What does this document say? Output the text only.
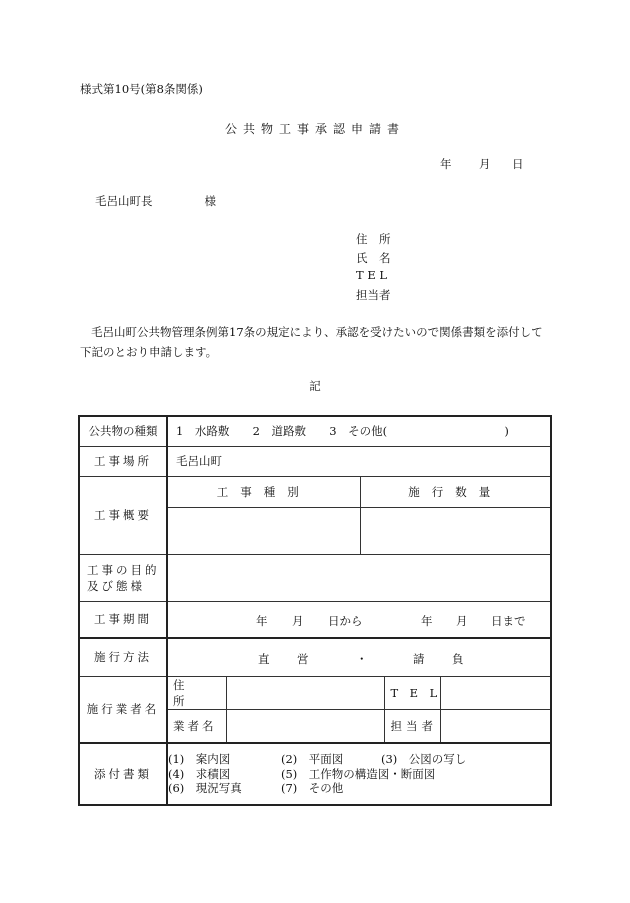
様式第10号(第8条関係)
公共物工事承認申請書
年 月 日
毛呂山町長	様
住　所
氏　名
T E L
担当者
毛呂山町公共物管理条例第17条の規定により、承認を受けたいので関係書類を添付して
下記のとおり申請します。
記
公共物の種類	1　水路敷 2　道路敷 3　その他(	)
工事場所	毛呂山町
工事概要	
工事種別	施行数量

工事の目的
及び態様

工事期間	年 月 日から	年 月 日まで

施行方法	直　営	・	請　負

施行業者名	
住　所		T　E　L	
業者名		担当者	

添付書類	
(1)　案内図	(2)　平面図	(3)　公図の写し
(4)　求積図	(5)　工作物の構造図・断面図
(6)　現況写真	(7)　その他
